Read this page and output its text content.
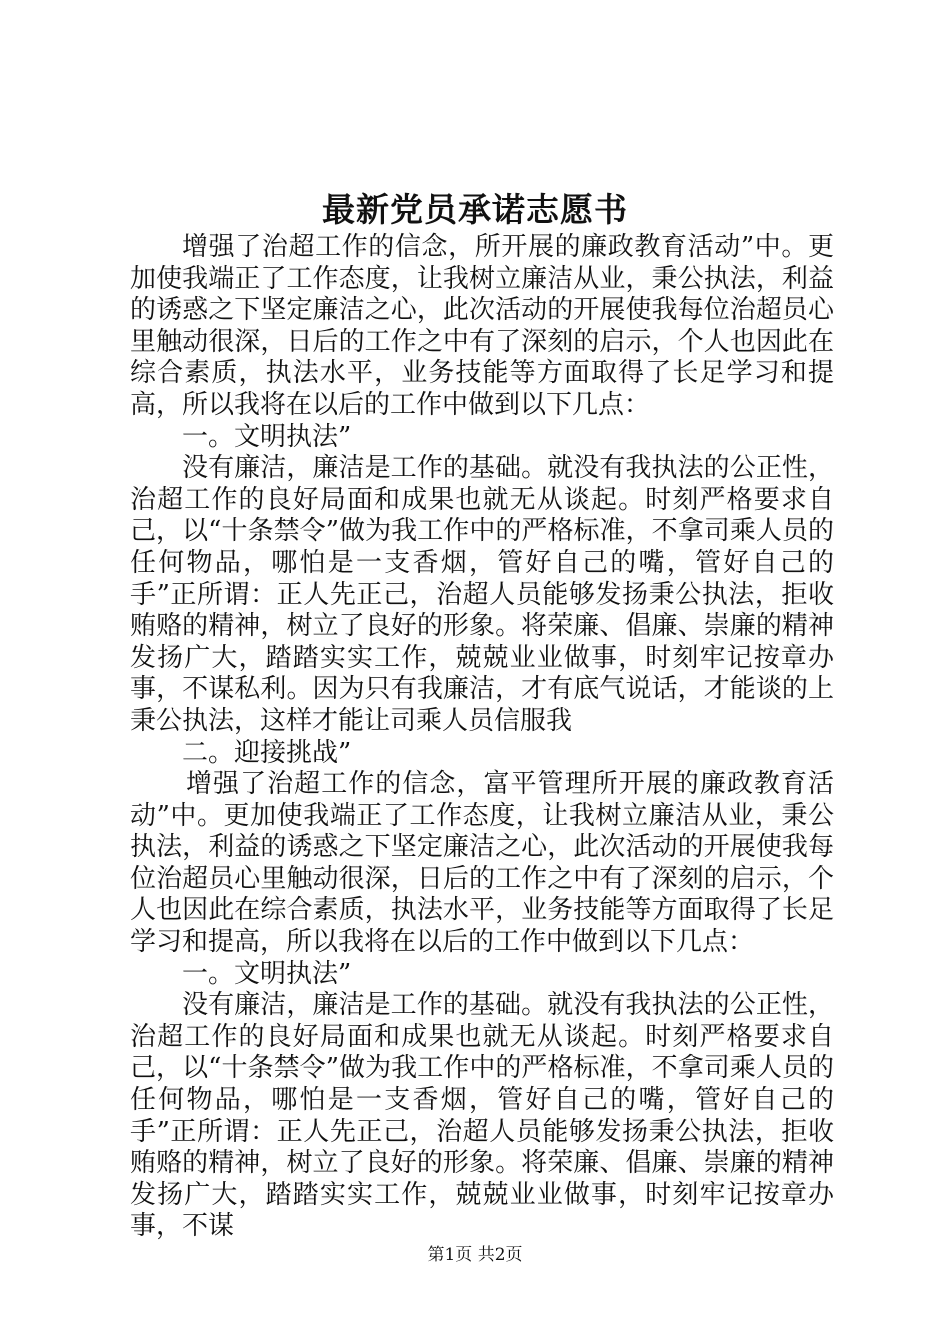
最新党员承诺志愿书

增强了治超工作的信念，所开展的廉政教育活动”中。更加使我端正了工作态度，让我树立廉洁从业，秉公执法，利益的诱惑之下坚定廉洁之心，此次活动的开展使我每位治超员心里触动很深，日后的工作之中有了深刻的启示，个人也因此在综合素质，执法水平，业务技能等方面取得了长足学习和提高，所以我将在以后的工作中做到以下几点：

一。文明执法”

没有廉洁，廉洁是工作的基础。就没有我执法的公正性，治超工作的良好局面和成果也就无从谈起。时刻严格要求自己，以“十条禁令”做为我工作中的严格标准，不拿司乘人员的任何物品，哪怕是一支香烟，管好自己的嘴，管好自己的手”正所谓：正人先正己，治超人员能够发扬秉公执法，拒收贿赂的精神，树立了良好的形象。将荣廉、倡廉、崇廉的精神发扬广大，踏踏实实工作，兢兢业业做事，时刻牢记按章办事，不谋私利。因为只有我廉洁，才有底气说话，才能谈的上秉公执法，这样才能让司乘人员信服我

二。迎接挑战”

增强了治超工作的信念，富平管理所开展的廉政教育活动”中。更加使我端正了工作态度，让我树立廉洁从业，秉公执法，利益的诱惑之下坚定廉洁之心，此次活动的开展使我每位治超员心里触动很深，日后的工作之中有了深刻的启示，个人也因此在综合素质，执法水平，业务技能等方面取得了长足学习和提高，所以我将在以后的工作中做到以下几点：

一。文明执法”

没有廉洁，廉洁是工作的基础。就没有我执法的公正性，治超工作的良好局面和成果也就无从谈起。时刻严格要求自己，以“十条禁令”做为我工作中的严格标准，不拿司乘人员的任何物品，哪怕是一支香烟，管好自己的嘴，管好自己的手”正所谓：正人先正己，治超人员能够发扬秉公执法，拒收贿赂的精神，树立了良好的形象。将荣廉、倡廉、崇廉的精神发扬广大，踏踏实实工作，兢兢业业做事，时刻牢记按章办事，不谋

第1页 共2页
